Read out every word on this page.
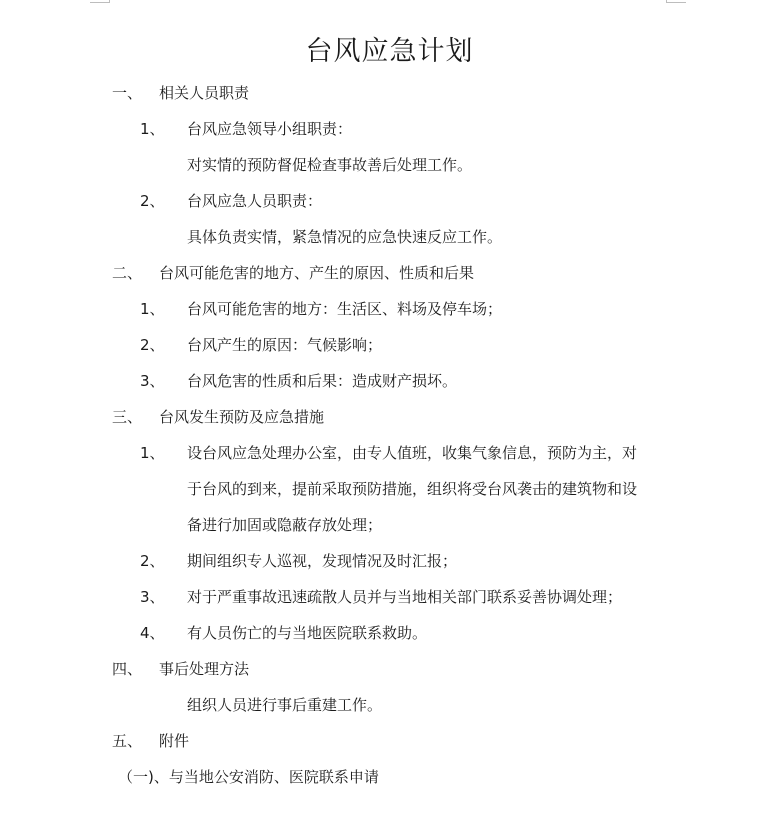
台风应急计划
一、 相关人员职责
1、 台风应急领导小组职责：
对实情的预防督促检查事故善后处理工作。
2、 台风应急人员职责：
具体负责实情，紧急情况的应急快速反应工作。
二、 台风可能危害的地方、产生的原因、性质和后果
1、 台风可能危害的地方：生活区、料场及停车场；
2、 台风产生的原因：气候影响；
3、 台风危害的性质和后果：造成财产损坏。
三、 台风发生预防及应急措施
1、 设台风应急处理办公室，由专人值班，收集气象信息，预防为主，对
于台风的到来，提前采取预防措施，组织将受台风袭击的建筑物和设
备进行加固或隐蔽存放处理；
2、 期间组织专人巡视，发现情况及时汇报；
3、 对于严重事故迅速疏散人员并与当地相关部门联系妥善协调处理；
4、 有人员伤亡的与当地医院联系救助。
四、 事后处理方法
组织人员进行事后重建工作。
五、 附件
（一)、与当地公安消防、医院联系申请
